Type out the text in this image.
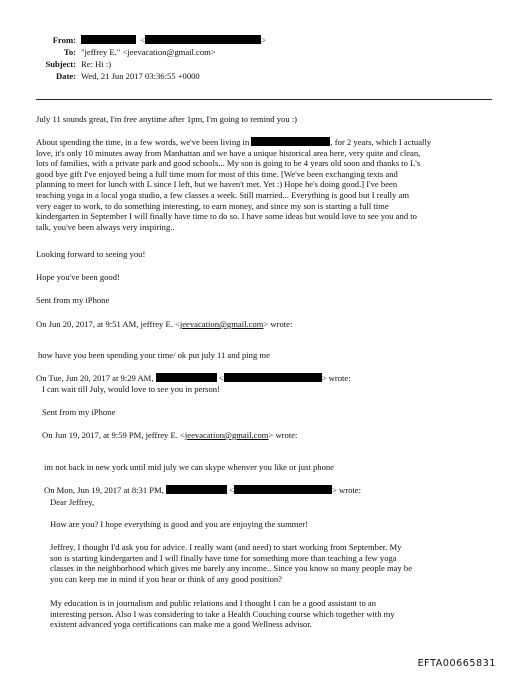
From:	<	>
To: "jeffrey E." <jeevacation@gmail.com>
Subject: Re: Hi :)
Date: Wed, 21 Jun 2017 03:36:55 +0000
July 11 sounds great, I'm free anytime after 1pm, I'm going to remind you :)
About spending the time, in a few words, we've been living in	, for 2 years, which I actually
love, it's only 10 minutes away from Manhattan and we have a unique historical area here, very quite and clean,
lots of families, with a private park and good schools... My son is going to be 4 years old soon and thanks to L's
good bye gift I've enjoyed being a full time mom for most of this time. [We've been exchanging texts and
planning to meet for lunch with L since I left, but we haven't met. Yet :) Hope he's doing good.] I've been
teaching yoga in a local yoga studio, a few classes a week. Still married... Everything is good but I really am
very eager to work, to do something interesting, to earn money, and since my son is starting a full time
kindergarten in September I will finally have time to do so. I have some ideas but would love to see you and to
talk, you've been always very inspiring..
Looking forward to seeing you!
Hope you've been good!
Sent from my iPhone
On Jun 20, 2017, at 9:51 AM, jeffrey E. <jeevacation@gmail.com> wrote:
how have you been spending your time/ ok put july 11 and ping me
On Tue, Jun 20, 2017 at 9:29 AM,	<	> wrote:
I can wait till July, would love to see you in person!
Sent from my iPhone
On Jun 19, 2017, at 9:59 PM, jeffrey E. <jeevacation@gmail.com> wrote:
im not back in new york until mid july we can skype whenver you like or just phone
On Mon, Jun 19, 2017 at 8:31 PM,	<	> wrote:
Dear Jeffrey,
How are you? I hope everything is good and you are enjoying the summer!
Jeffrey, I thought I'd ask you for advice. I really want (and need) to start working from September. My
son is starting kindergarten and I will finally have time for something more than teaching a few yoga
classes in the neighborhood which gives me barely any income.. Since you know so many people may be
you can keep me in mind if you hear or think of any good position?
My education is in journalism and public relations and I thought I can be a good assistant to an
interesting person. Also I was considering to take a Health Couching course which together with my
existent advanced yoga certifications can make me a good Wellness advisor.
EFTA00665831
